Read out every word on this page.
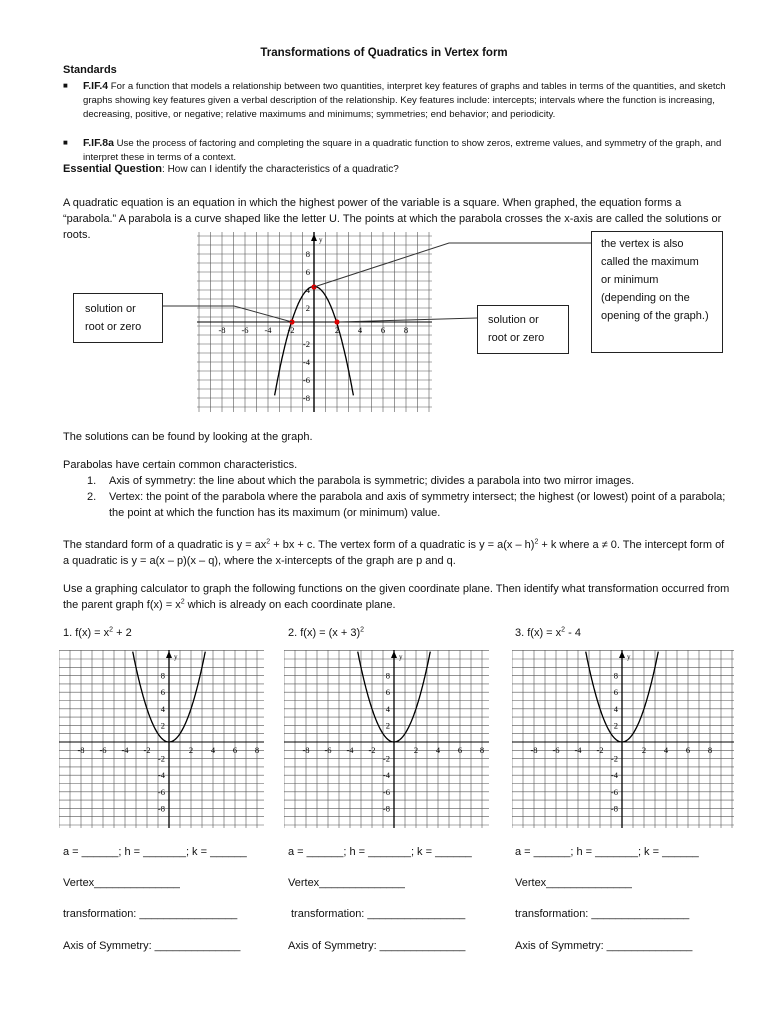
Transformations of Quadratics in Vertex form
Standards
■ F.IF.4 For a function that models a relationship between two quantities, interpret key features of graphs and tables in terms of the quantities, and sketch graphs showing key features given a verbal description of the relationship. Key features include: intercepts; intervals where the function is increasing, decreasing, positive, or negative; relative maximums and minimums; symmetries; end behavior; and periodicity.
■ F.IF.8a Use the process of factoring and completing the square in a quadratic function to show zeros, extreme values, and symmetry of the graph, and interpret these in terms of a context.
Essential Question: How can I identify the characteristics of a quadratic?
A quadratic equation is an equation in which the highest power of the variable is a square. When graphed, the equation forms a “parabola.” A parabola is a curve shaped like the letter U. The points at which the parabola crosses the x-axis are called the solutions or roots.	y
-8 -6 -4 -2	2 4 6 8
8
6
4
2
-2
-4
-6
-8
solution or
root or zero
solution or
root or zero
the vertex is also
called the maximum
or minimum
(depending on the
opening of the graph.)
The solutions can be found by looking at the graph.
Parabolas have certain common characteristics.
1. Axis of symmetry: the line about which the parabola is symmetric; divides a parabola into two mirror images.
2. Vertex: the point of the parabola where the parabola and axis of symmetry intersect; the highest (or lowest) point of a parabola; the point at which the function has its maximum (or minimum) value.
The standard form of a quadratic is $y = ax^2$ + bx + c. The vertex form of a quadratic is y = a(x – h)$^2$ + k where a ≠ 0. The intercept form of a quadratic is y = a(x – p)(x – q), where the x-intercepts of the graph are p and q.
Use a graphing calculator to graph the following functions on the given coordinate plane. Then identify what transformation occurred from the parent graph $f(x) = x^2$ which is already on each coordinate plane.
1. $f(x) = x^2 + 2$	2. $f(x) = (x + 3)^2$	3. $f(x) = x^2 - 4$
y
-8 -6 -4 -2	2 4 6 8
8
6
4
2
-2
-4
-6
-8
y
-8 -6 -4 -2	2 4 6 8
8
6
4
2
-2
-4
-6
-8
y
-8 -6 -4 -2	2 4 6 8
8
6
4
2
-2
-4
-6
-8
a = ______; h = _______; k = ______	a = ______; h = _______; k = ______	a = ______; h = _______; k = ______
Vertex______________	Vertex______________	Vertex______________
transformation: ________________	transformation: ________________	transformation: ________________
Axis of Symmetry: ______________	Axis of Symmetry: ______________	Axis of Symmetry: ______________
